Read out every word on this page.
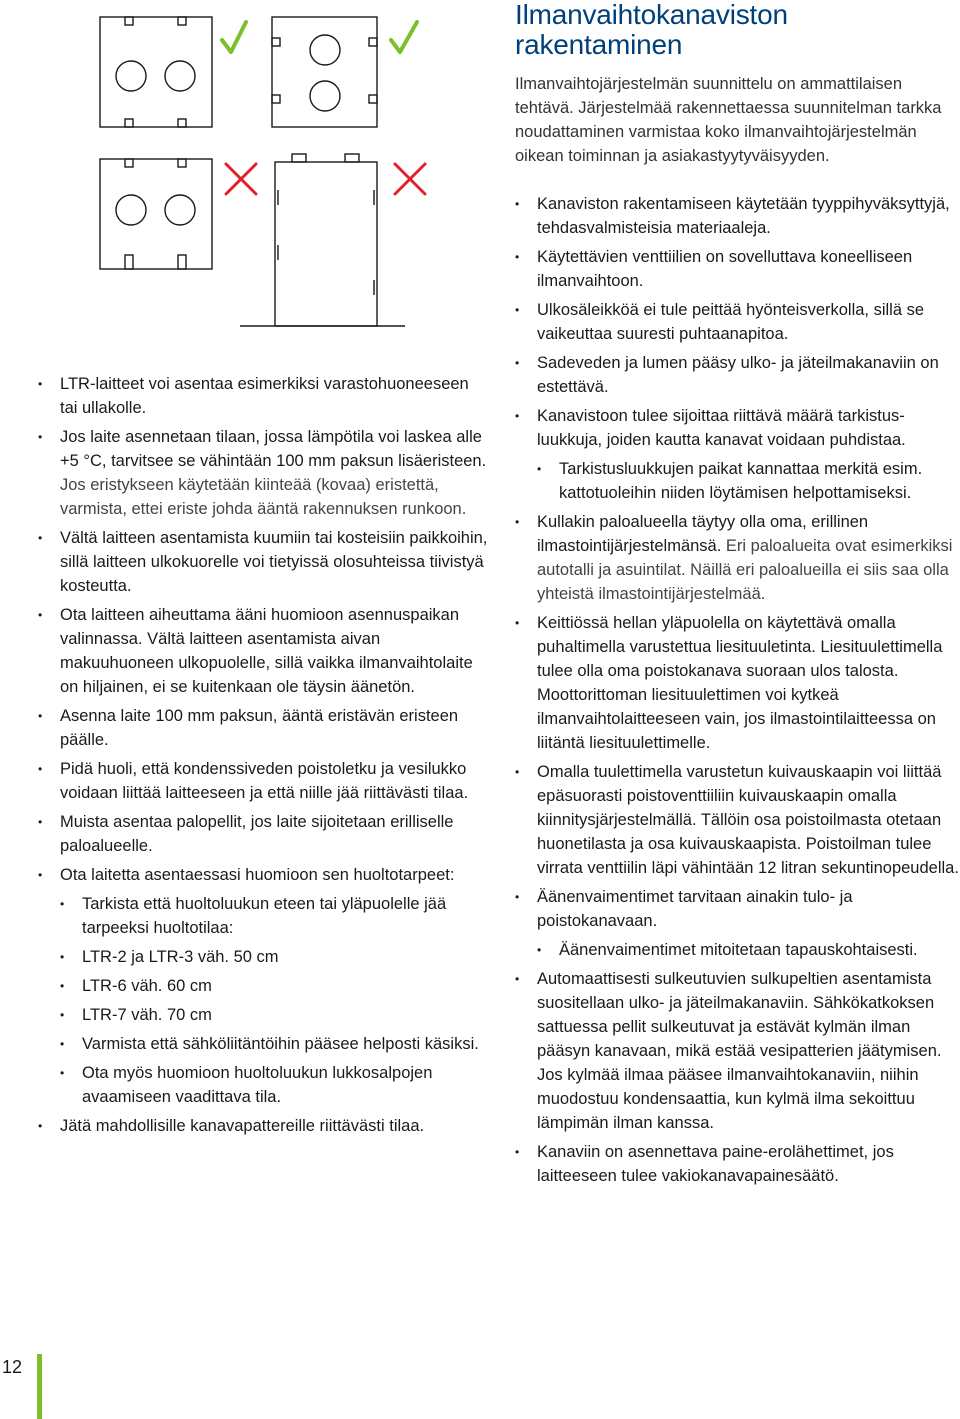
• LTR-laitteet voi asentaa esimerkiksi varastohuoneeseen tai ullakolle.
• Jos laite asennetaan tilaan, jossa lämpötila voi laskea alle +5 °C, tarvitsee se vähintään 100 mm paksun lisäeristeen. Jos eristykseen käytetään kiinteää (kovaa) eristettä, varmista, ettei eriste johda ääntä rakennuksen runkoon.
• Vältä laitteen asentamista kuumiin tai kosteisiin paikkoihin, sillä laitteen ulkokuorelle voi tietyissä olosuhteissa tiivistyä kosteutta.
• Ota laitteen aiheuttama ääni huomioon asennuspaikan valinnassa. Vältä laitteen asentamista aivan makuuhuoneen ulkopuolelle, sillä vaikka ilmanvaihtolaite on hiljainen, ei se kuitenkaan ole täysin äänetön.
• Asenna laite 100 mm paksun, ääntä eristävän eristeen päälle.
• Pidä huoli, että kondenssiveden poistoletku ja vesilukko voidaan liittää laitteeseen ja että niille jää riittävästi tilaa.
• Muista asentaa palopellit, jos laite sijoitetaan erilliselle paloalueelle.
• Ota laitetta asentaessasi huomioon sen huoltotarpeet:
• Tarkista että huoltoluukun eteen tai yläpuolelle jää tarpeeksi huoltotilaa:
• LTR-2 ja LTR-3 väh. 50 cm
• LTR-6 väh. 60 cm
• LTR-7 väh. 70 cm
• Varmista että sähköliitäntöihin pääsee helposti käsiksi.
• Ota myös huomioon huoltoluukun lukkosalpojen avaamiseen vaadittava tila.
• Jätä mahdollisille kanavapattereille riittävästi tilaa.
Ilmanvaihtokanaviston rakentaminen

Ilmanvaihtojärjestelmän suunnittelu on ammattilaisen tehtävä. Järjestelmää rakennettaessa suunnitelman tarkka noudattaminen varmistaa koko ilmanvaihtojärjestelmän oikean toiminnan ja asiakastyytyväisyyden.

• Kanaviston rakentamiseen käytetään tyyppihyväksyttyjä, tehdasvalmisteisia materiaaleja.
• Käytettävien venttiilien on sovelluttava koneelliseen ilmanvaihtoon.
• Ulkosäleikköä ei tule peittää hyönteisverkolla, sillä se vaikeuttaa suuresti puhtaanapitoa.
• Sadeveden ja lumen pääsy ulko- ja jäteilmakanaviin on estettävä.
• Kanavistoon tulee sijoittaa riittävä määrä tarkistusluukkuja, joiden kautta kanavat voidaan puhdistaa.
• Tarkistusluukkujen paikat kannattaa merkitä esim. kattotuoleihin niiden löytämisen helpottamiseksi.
• Kullakin paloalueella täytyy olla oma, erillinen ilmastointijärjestelmänsä. Eri paloalueita ovat esimerkiksi autotalli ja asuintilat. Näillä eri paloalueilla ei siis saa olla yhteistä ilmastointijärjestelmää.
• Keittiössä hellan yläpuolella on käytettävä omalla puhaltimella varustettua liesituuletinta. Liesituulettimella tulee olla oma poistokanava suoraan ulos talosta. Moottorittoman liesituulettimen voi kytkeä ilmanvaihtolaitteeseen vain, jos ilmastointilaitteessa on liitäntä liesituulettimelle.
• Omalla tuulettimella varustetun kuivauskaapin voi liittää epäsuorasti poistoventtiiliin kuivauskaapin omalla kiinnitysjärjestelmällä. Tällöin osa poistoilmasta otetaan huonetilasta ja osa kuivauskaapista. Poistoilman tulee virrata venttiilin läpi vähintään 12 litran sekuntinopeudella.
• Äänenvaimentimet tarvitaan ainakin tulo- ja poistokanavaan.
• Äänenvaimentimet mitoitetaan tapauskohtaisesti.
• Automaattisesti sulkeutuvien sulkupeltien asentamista suositellaan ulko- ja jäteilmakanaviin. Sähkökatkoksen sattuessa pellit sulkeutuvat ja estävät kylmän ilman pääsyn kanavaan, mikä estää vesipatterien jäätymisen. Jos kylmää ilmaa pääsee ilmanvaihtokanaviin, niihin muodostuu kondensaattia, kun kylmä ilma sekoittuu lämpimän ilman kanssa.
• Kanaviin on asennettava paine-erolähettimet, jos laitteeseen tulee vakiokanavapainesäätö.
12
